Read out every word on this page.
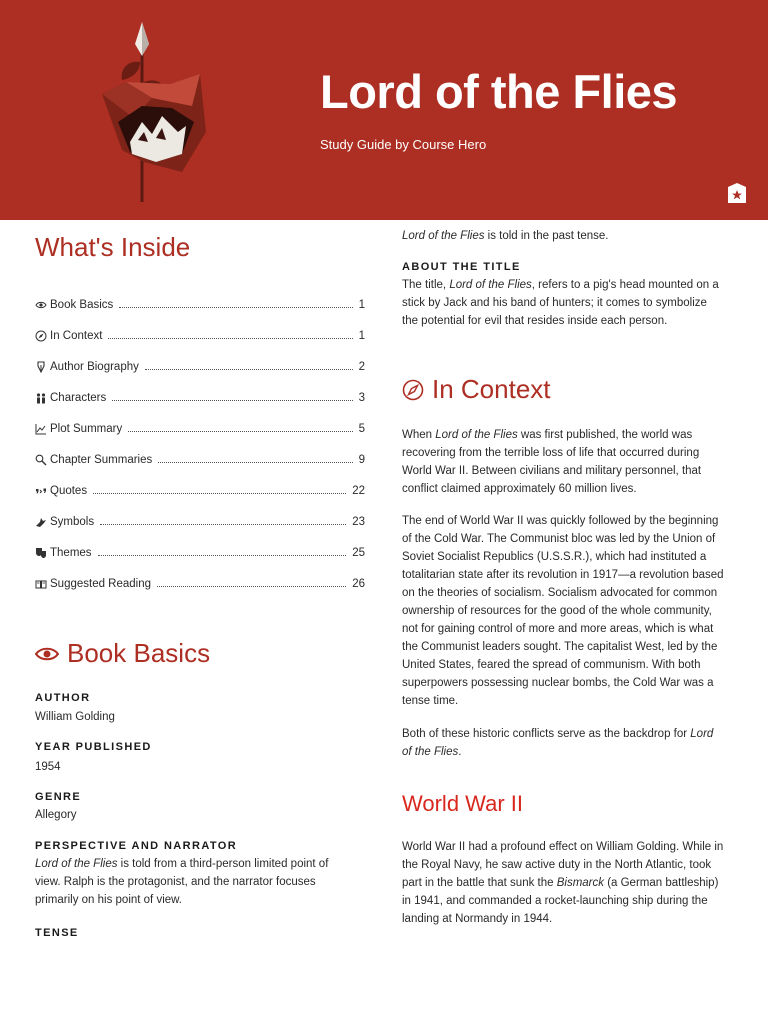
Lord of the Flies
Study Guide by Course Hero
What's Inside
Book Basics	1
In Context	1
Author Biography	2
Characters	3
Plot Summary	5
Chapter Summaries	9
Quotes	22
Symbols	23
Themes	25
Suggested Reading	26
Book Basics
AUTHOR
William Golding
YEAR PUBLISHED
1954
GENRE
Allegory
PERSPECTIVE AND NARRATOR
Lord of the Flies is told from a third-person limited point of
view. Ralph is the protagonist, and the narrator focuses
primarily on his point of view.
TENSE
Lord of the Flies is told in the past tense.
ABOUT THE TITLE
The title, Lord of the Flies, refers to a pig's head mounted on a
stick by Jack and his band of hunters; it comes to symbolize
the potential for evil that resides inside each person.
In Context
When Lord of the Flies was first published, the world was
recovering from the terrible loss of life that occurred during
World War II. Between civilians and military personnel, that
conflict claimed approximately 60 million lives.
The end of World War II was quickly followed by the beginning
of the Cold War. The Communist bloc was led by the Union of
Soviet Socialist Republics (U.S.S.R.), which had instituted a
totalitarian state after its revolution in 1917—a revolution based
on the theories of socialism. Socialism advocated for common
ownership of resources for the good of the whole community,
not for gaining control of more and more areas, which is what
the Communist leaders sought. The capitalist West, led by the
United States, feared the spread of communism. With both
superpowers possessing nuclear bombs, the Cold War was a
tense time.
Both of these historic conflicts serve as the backdrop for Lord
of the Flies.
World War II
World War II had a profound effect on William Golding. While in
the Royal Navy, he saw active duty in the North Atlantic, took
part in the battle that sunk the Bismarck (a German battleship)
in 1941, and commanded a rocket-launching ship during the
landing at Normandy in 1944.
